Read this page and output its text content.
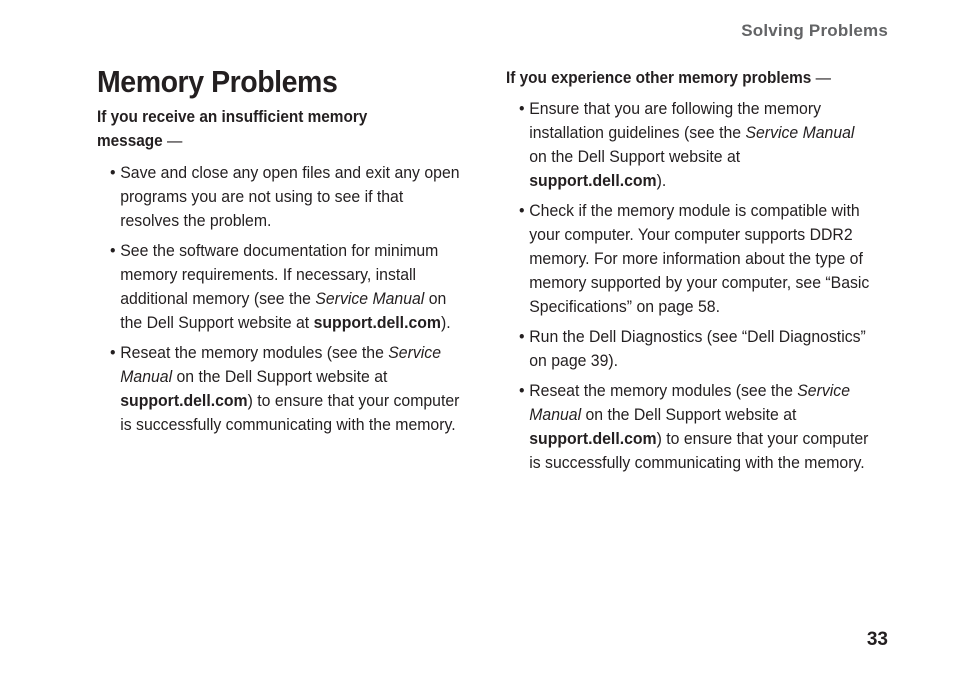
Solving Problems
Memory Problems

If you receive an insufficient memory
message —

• Save and close any open files and exit any open programs you are not using to see if that resolves the problem.
• See the software documentation for minimum memory requirements. If necessary, install additional memory (see the Service Manual on the Dell Support website at support.dell.com).
• Reseat the memory modules (see the Service Manual on the Dell Support website at support.dell.com) to ensure that your computer is successfully communicating with the memory.

If you experience other memory problems —

• Ensure that you are following the memory installation guidelines (see the Service Manual on the Dell Support website at support.dell.com).
• Check if the memory module is compatible with your computer. Your computer supports DDR2 memory. For more information about the type of memory supported by your computer, see “Basic Specifications” on page 58.
• Run the Dell Diagnostics (see “Dell Diagnostics” on page 39).
• Reseat the memory modules (see the Service Manual on the Dell Support website at support.dell.com) to ensure that your computer is successfully communicating with the memory.
33
